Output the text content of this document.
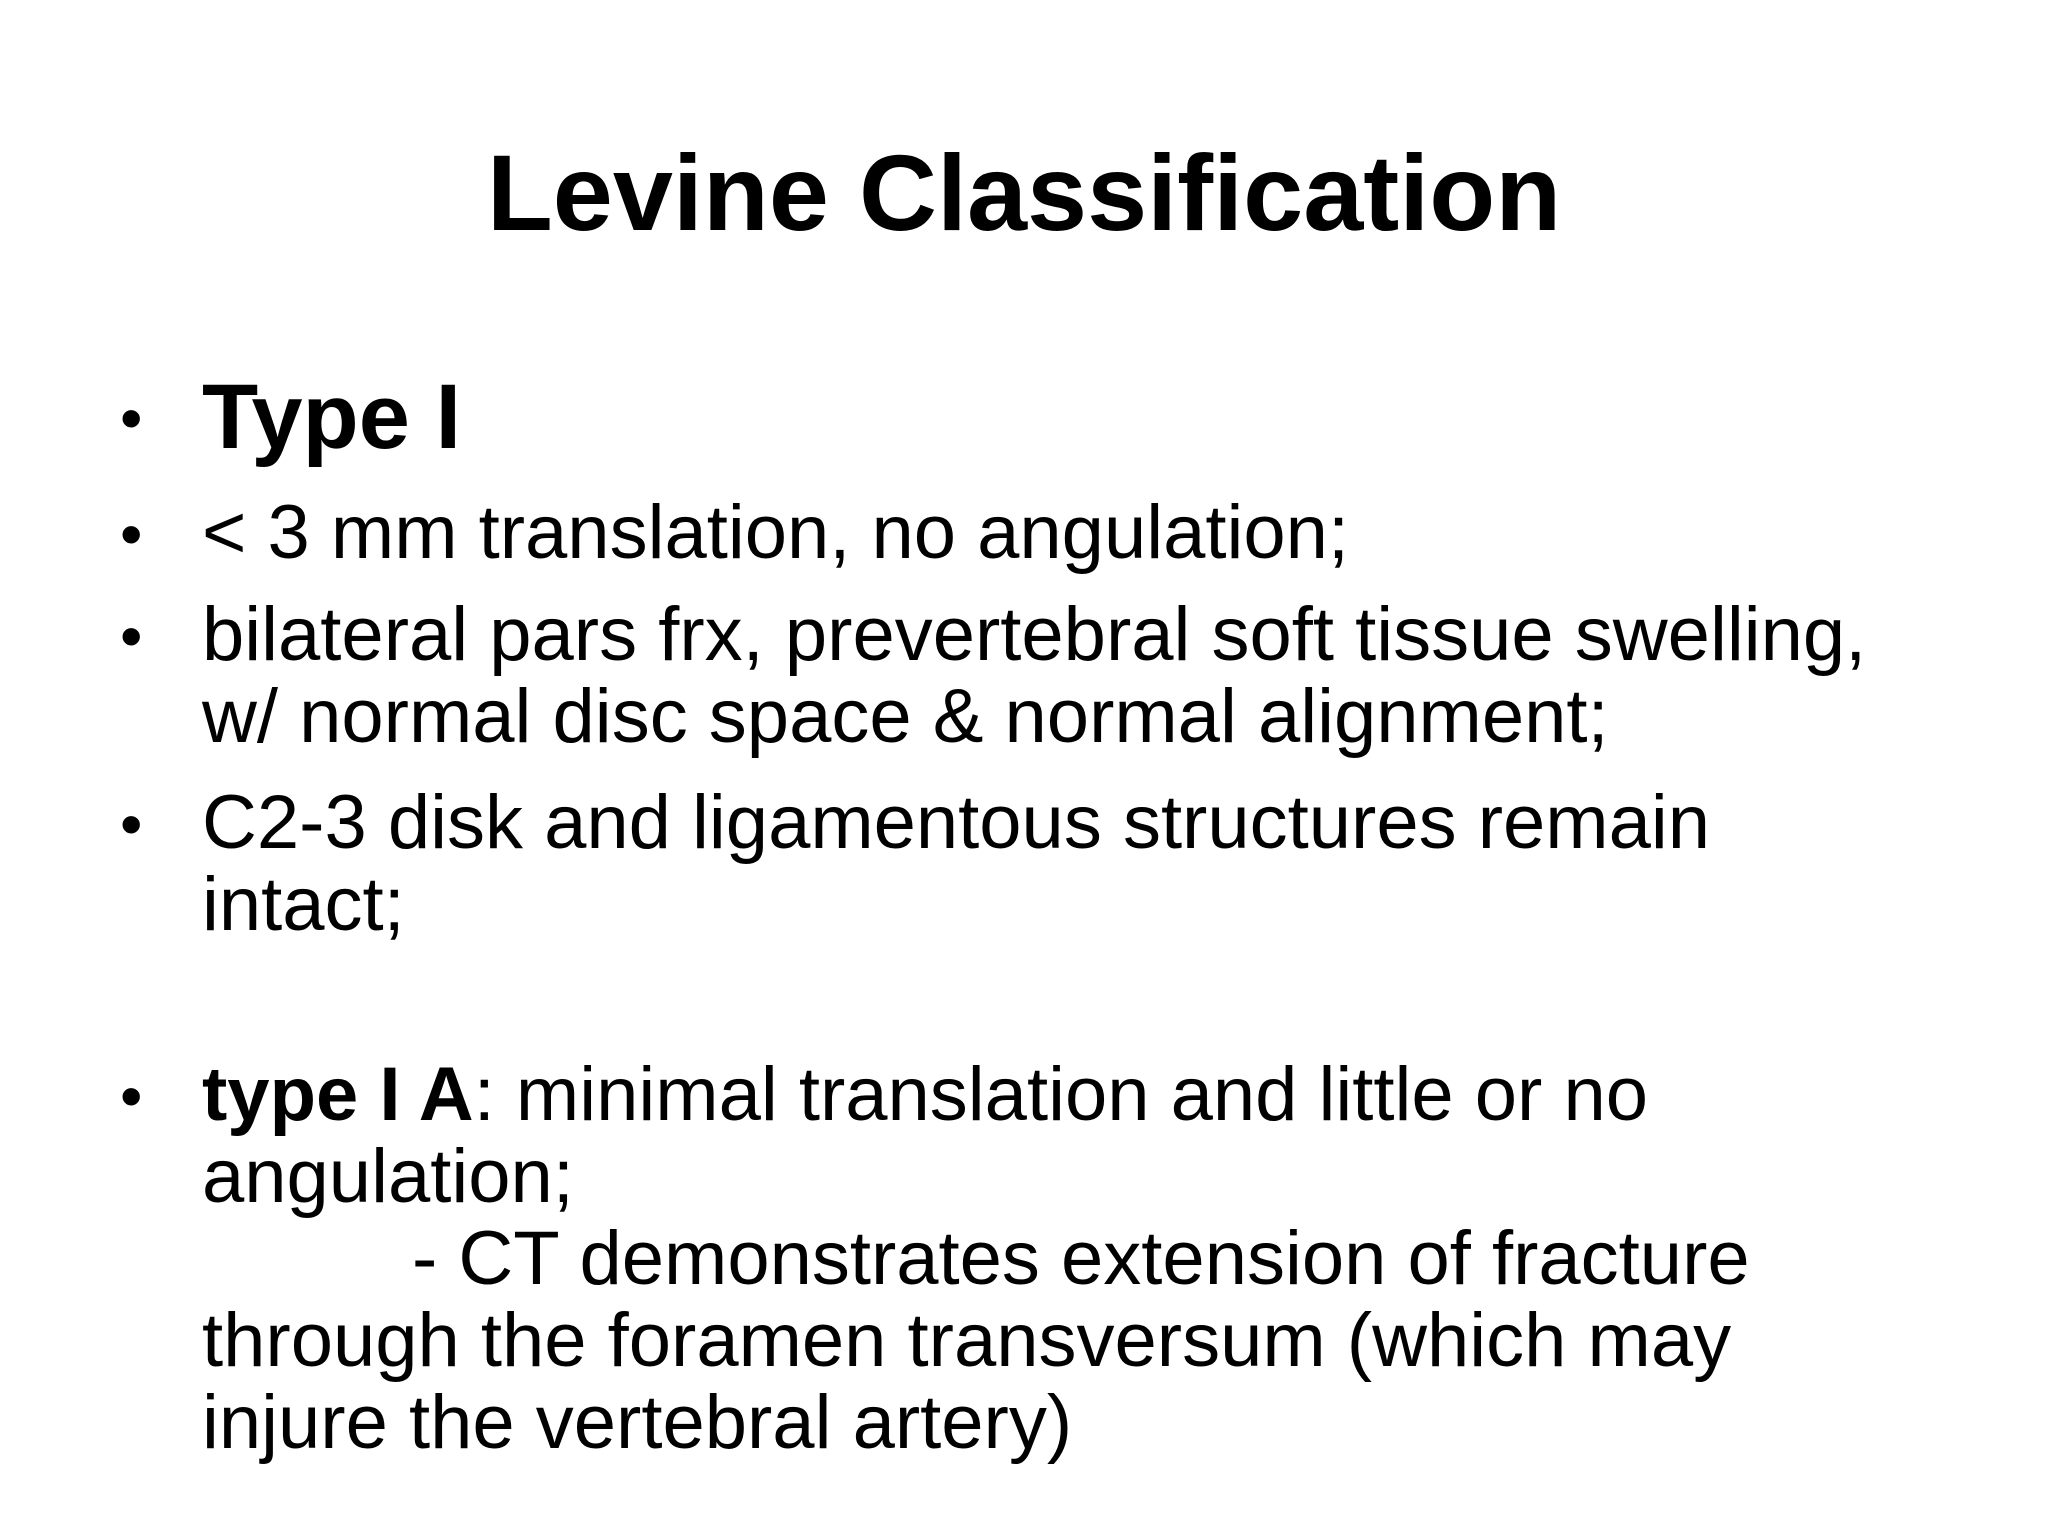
Levine Classification
• Type I
• < 3 mm translation, no angulation;
• bilateral pars frx, prevertebral soft tissue swelling,
w/ normal disc space & normal alignment;
• C2-3 disk and ligamentous structures remain
intact;
• type I A: minimal translation and little or no
angulation;
- CT demonstrates extension of fracture
through the foramen transversum (which may
injure the vertebral artery)
